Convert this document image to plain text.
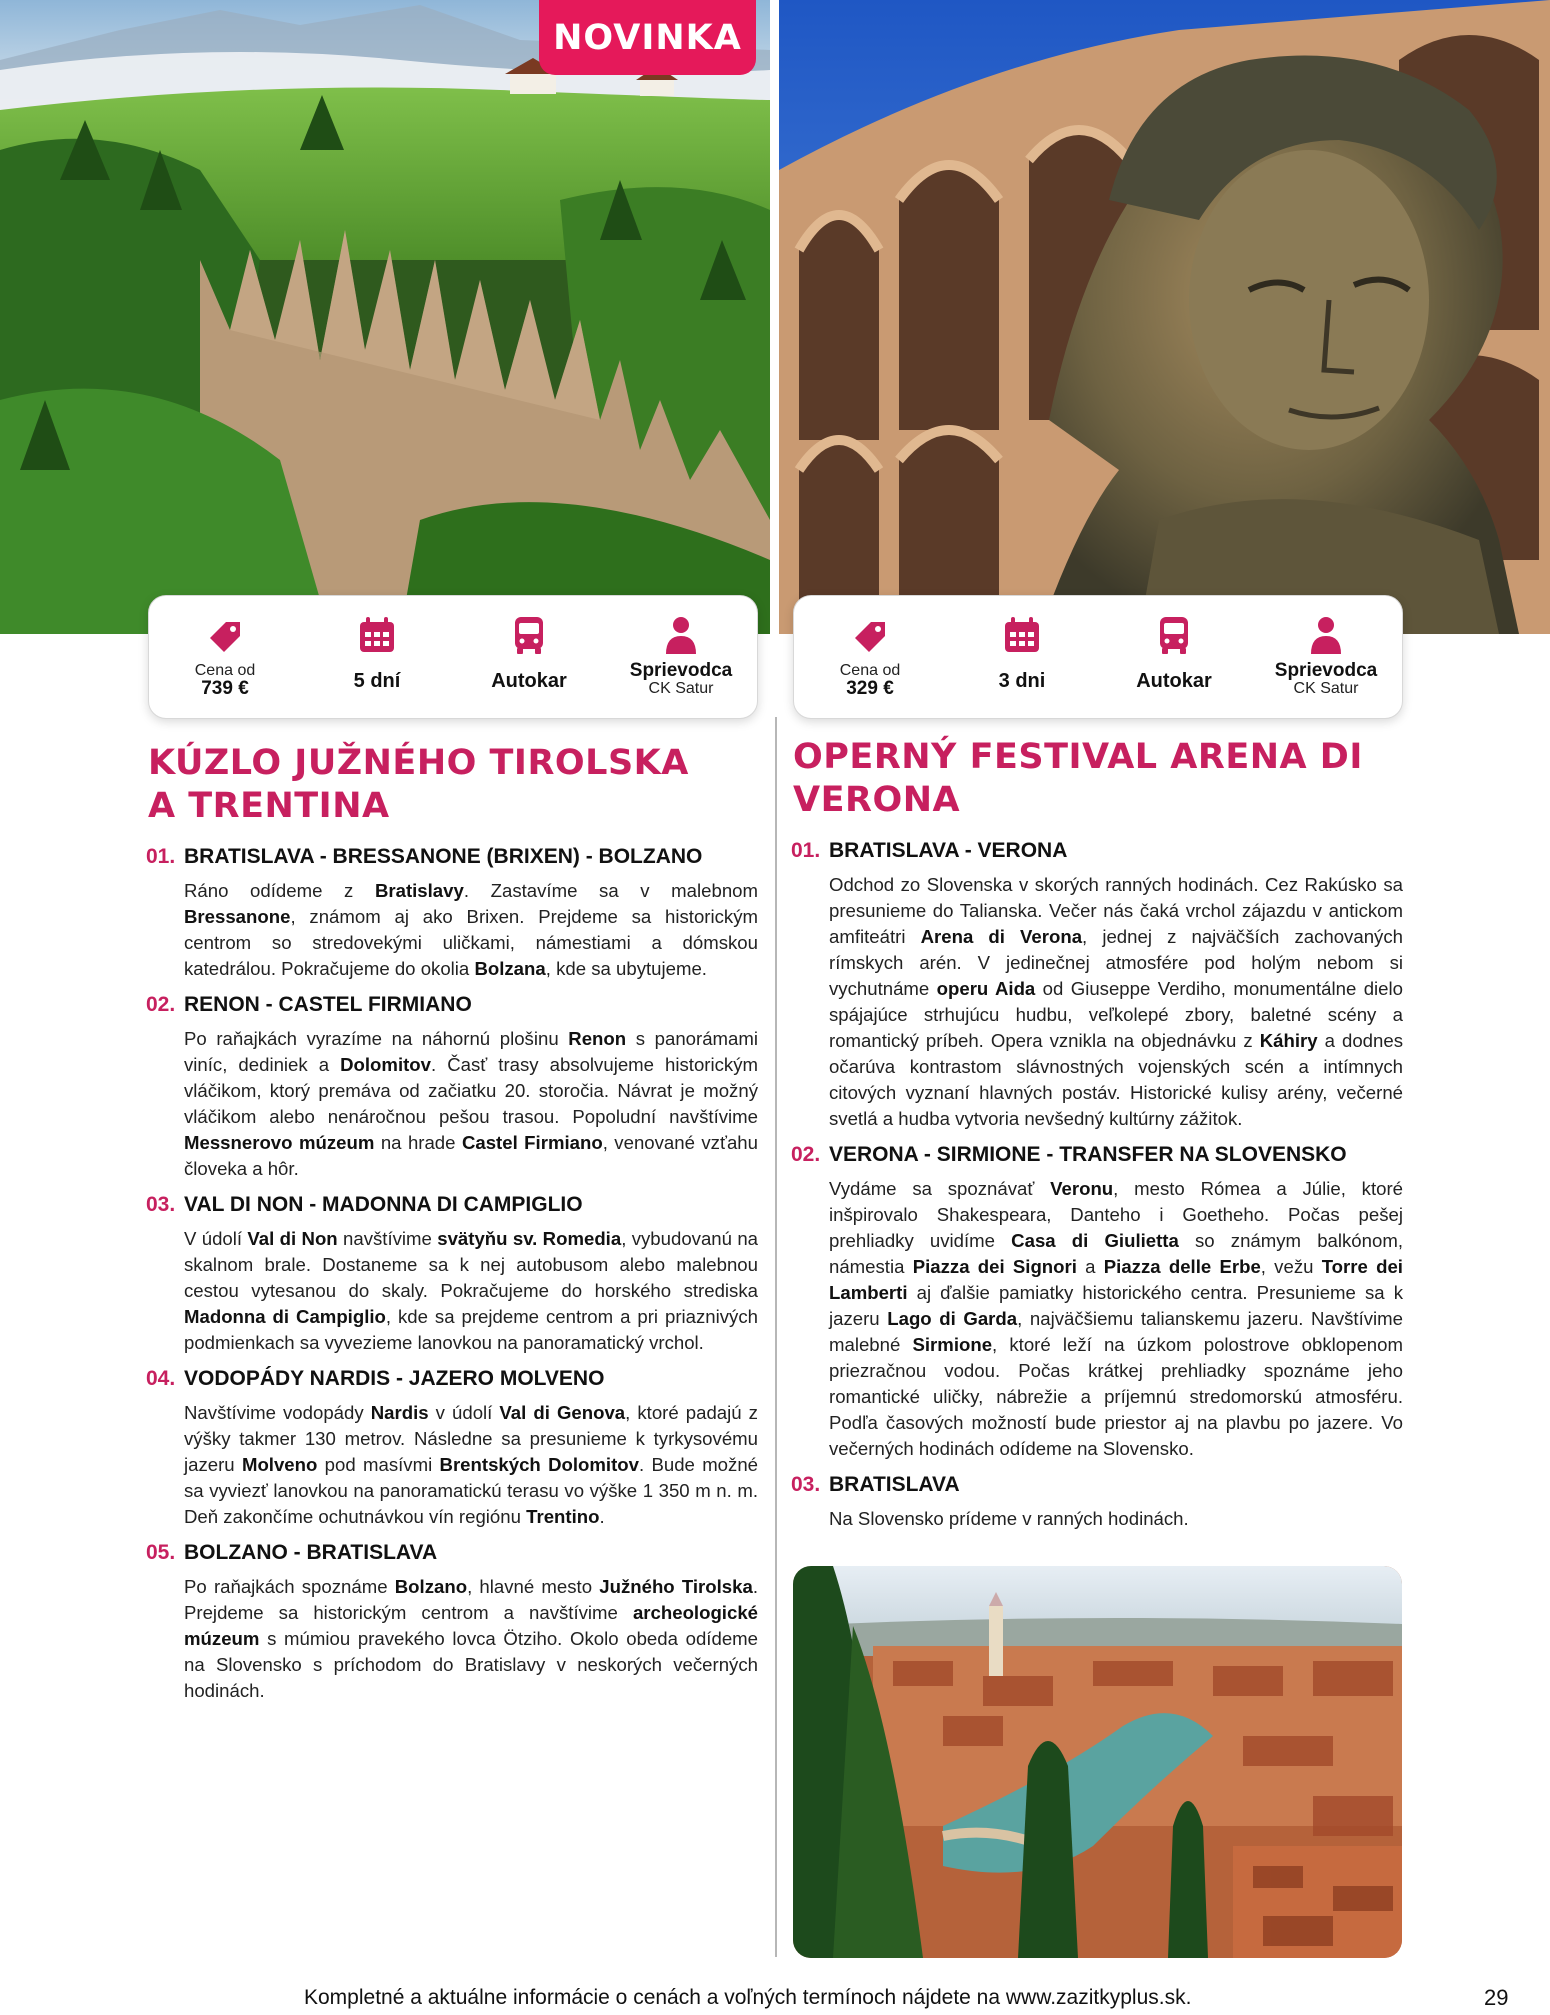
NOVINKA
Cena od
739 €	5 dní	Autokar	Sprievodca
CK Satur
Cena od
329 €	3 dni	Autokar	Sprievodca
CK Satur
KÚZLO JUŽNÉHO TIROLSKA
A TRENTINA
01. BRATISLAVA - BRESSANONE (BRIXEN) - BOLZANO
Ráno odídeme z Bratislavy. Zastavíme sa v malebnom Bressanone, známom aj ako Brixen. Prejdeme sa historickým centrom so stredovekými uličkami, námestiami a dómskou katedrálou. Pokračujeme do okolia Bolzana, kde sa ubytujeme.
02. RENON - CASTEL FIRMIANO
Po raňajkách vyrazíme na náhornú plošinu Renon s panorámami viníc, dediniek a Dolomitov. Časť trasy absolvujeme historickým vláčikom, ktorý premáva od začiatku 20. storočia. Návrat je možný vláčikom alebo nenáročnou pešou trasou. Popoludní navštívime Messnerovo múzeum na hrade Castel Firmiano, venované vzťahu človeka a hôr.
03. VAL DI NON - MADONNA DI CAMPIGLIO
V údolí Val di Non navštívime svätyňu sv. Romedia, vybudovanú na skalnom brale. Dostaneme sa k nej autobusom alebo malebnou cestou vytesanou do skaly. Pokračujeme do horského strediska Madonna di Campiglio, kde sa prejdeme centrom a pri priaznivých podmienkach sa vyvezieme lanovkou na panoramatický vrchol.
04. VODOPÁDY NARDIS - JAZERO MOLVENO
Navštívime vodopády Nardis v údolí Val di Genova, ktoré padajú z výšky takmer 130 metrov. Následne sa presunieme k tyrkysovému jazeru Molveno pod masívmi Brentských Dolomitov. Bude možné sa vyviezť lanovkou na panoramatickú terasu vo výške 1 350 m n. m. Deň zakončíme ochutnávkou vín regiónu Trentino.
05. BOLZANO - BRATISLAVA
Po raňajkách spoznáme Bolzano, hlavné mesto Južného Tirolska. Prejdeme sa historickým centrom a navštívime archeologické múzeum s múmiou pravekého lovca Ötziho. Okolo obeda odídeme na Slovensko s príchodom do Bratislavy v neskorých večerných hodinách.
OPERNÝ FESTIVAL ARENA DI
VERONA
01. BRATISLAVA - VERONA
Odchod zo Slovenska v skorých ranných hodinách. Cez Rakúsko sa presunieme do Talianska. Večer nás čaká vrchol zájazdu v antickom amfiteátri Arena di Verona, jednej z najväčších zachovaných rímskych arén. V jedinečnej atmosfére pod holým nebom si vychutnáme operu Aida od Giuseppe Verdiho, monumentálne dielo spájajúce strhujúcu hudbu, veľkolepé zbory, baletné scény a romantický príbeh. Opera vznikla na objednávku z Káhiry a dodnes očarúva kontrastom slávnostných vojenských scén a intímnych citových vyznaní hlavných postáv. Historické kulisy arény, večerné svetlá a hudba vytvoria nevšedný kultúrny zážitok.
02. VERONA - SIRMIONE - TRANSFER NA SLOVENSKO
Vydáme sa spoznávať Veronu, mesto Rómea a Júlie, ktoré inšpirovalo Shakespeara, Danteho i Goetheho. Počas pešej prehliadky uvidíme Casa di Giulietta so známym balkónom, námestia Piazza dei Signori a Piazza delle Erbe, vežu Torre dei Lamberti aj ďalšie pamiatky historického centra. Presunieme sa k jazeru Lago di Garda, najväčšiemu talianskemu jazeru. Navštívime malebné Sirmione, ktoré leží na úzkom polostrove obklopenom priezračnou vodou. Počas krátkej prehliadky spoznáme jeho romantické uličky, nábrežie a príjemnú stredomorskú atmosféru. Podľa časových možností bude priestor aj na plavbu po jazere. Vo večerných hodinách odídeme na Slovensko.
03. BRATISLAVA
Na Slovensko prídeme v ranných hodinách.
Kompletné a aktuálne informácie o cenách a voľných termínoch nájdete na www.zazitkyplus.sk.	29
